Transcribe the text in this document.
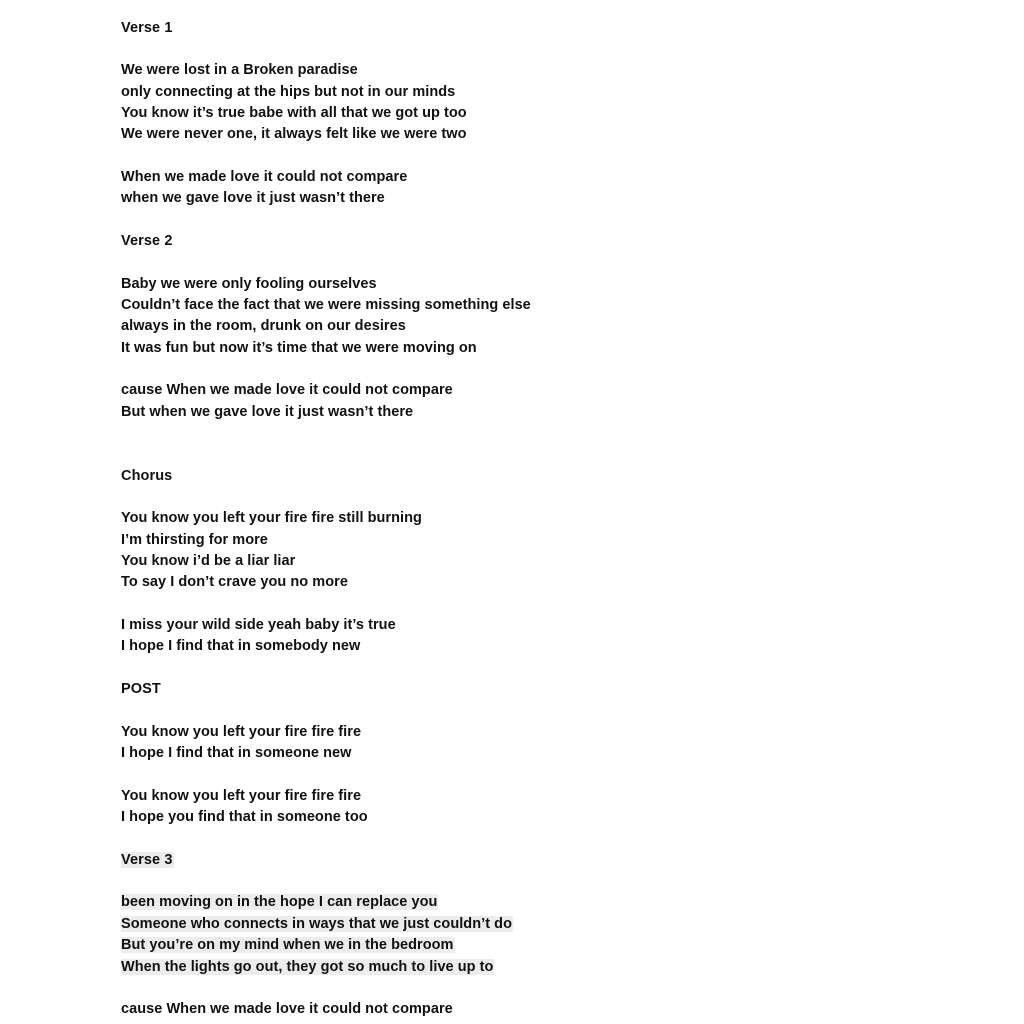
Verse 1

We were lost in a Broken paradise

only connecting at the hips but not in our minds

You know it’s true babe with all that we got up too

We were never one, it always felt like we were two

When we made love it could not compare

when we gave love it just wasn’t there

Verse 2

Baby we were only fooling ourselves

Couldn’t face the fact that we were missing something else

always in the room, drunk on our desires

It was fun but now it’s time that we were moving on

cause When we made love it could not compare

But when we gave love it just wasn’t there

Chorus

You know you left your fire fire still burning

I’m thirsting for more

You know i’d be a liar liar

To say I don’t crave you no more

I miss your wild side yeah baby it’s true

I hope I find that in somebody new

POST

You know you left your fire fire fire

I hope I find that in someone new

You know you left your fire fire fire

I hope you find that in someone too

Verse 3

been moving on in the hope I can replace you

Someone who connects in ways that we just couldn’t do

But you’re on my mind when we in the bedroom

When the lights go out, they got so much to live up to

cause When we made love it could not compare
